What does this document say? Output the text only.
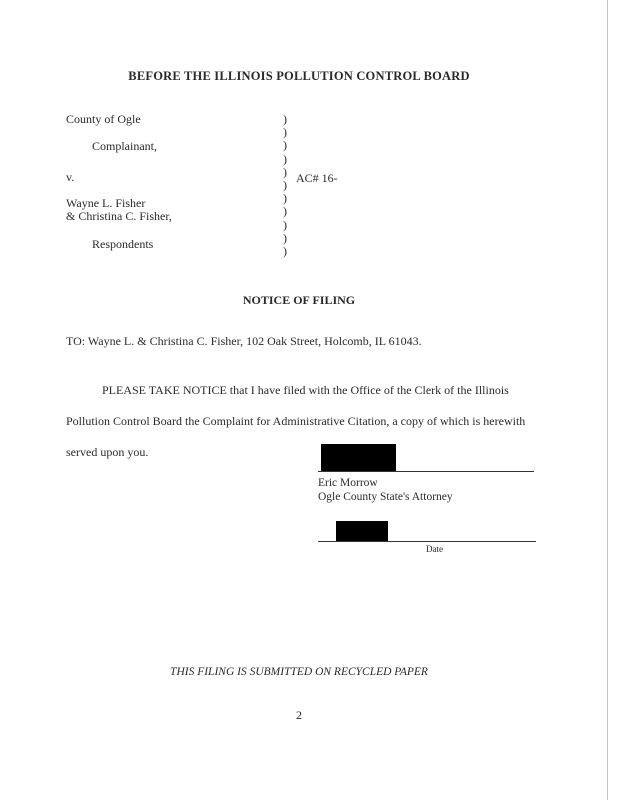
BEFORE THE ILLINOIS POLLUTION CONTROL BOARD
County of Ogle
Complainant,
v.
Wayne L. Fisher
& Christina C. Fisher,
Respondents
)
)
)
)
)
)
)
)
)
)
)
AC# 16-
NOTICE OF FILING
TO: Wayne L. & Christina C. Fisher, 102 Oak Street, Holcomb, IL 61043.
PLEASE TAKE NOTICE that I have filed with the Office of the Clerk of the Illinois Pollution Control Board the Complaint for Administrative Citation, a copy of which is herewith served upon you.
Eric Morrow
Ogle County State's Attorney
Date
THIS FILING IS SUBMITTED ON RECYCLED PAPER
2
